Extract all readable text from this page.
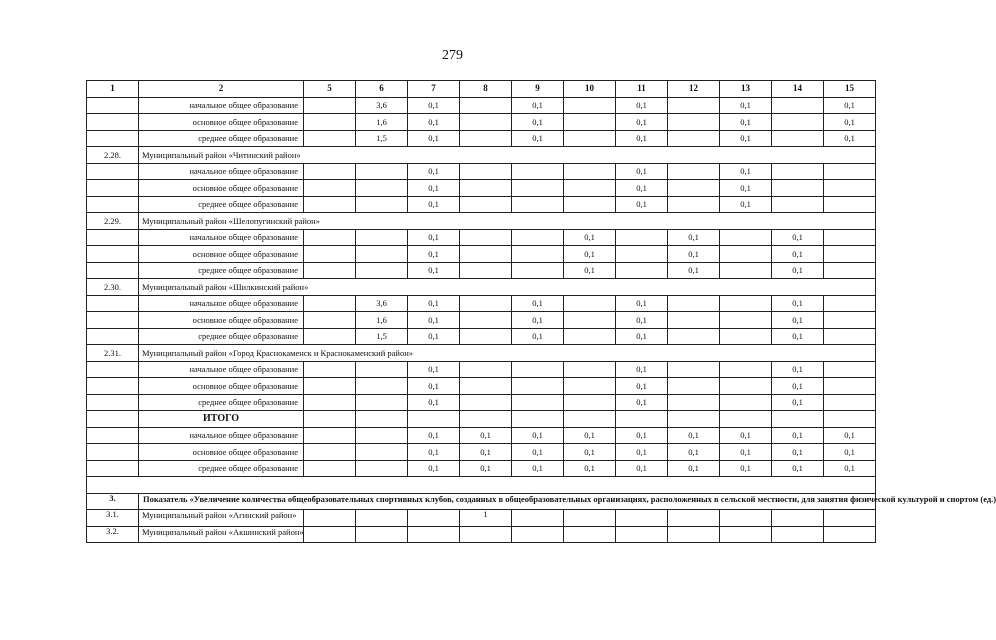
279
1	2	5	6	7	8	9	10	11	12	13	14	15
	начальное общее образование		3,6	0,1		0,1		0,1		0,1		0,1
	основное общее образование		1,6	0,1		0,1		0,1		0,1		0,1
	среднее общее образование		1,5	0,1		0,1		0,1		0,1		0,1
2.28.	Муниципальный район «Читинский район»											
	начальное общее образование			0,1				0,1		0,1		
	основное общее образование			0,1				0,1		0,1		
	среднее общее образование			0,1				0,1		0,1		
2.29.	Муниципальный район «Шелопугинский район»											
	начальное общее образование			0,1			0,1		0,1		0,1	
	основное общее образование			0,1			0,1		0,1		0,1	
	среднее общее образование			0,1			0,1		0,1		0,1	
2.30.	Муниципальный район «Шилкинский район»											
	начальное общее образование		3,6	0,1		0,1		0,1			0,1	
	основное общее образование		1,6	0,1		0,1		0,1			0,1	
	среднее общее образование		1,5	0,1		0,1		0,1			0,1	
2.31.	Муниципальный район «Город Краснокаменск и Краснокаменский район»											
	начальное общее образование			0,1				0,1			0,1	
	основное общее образование			0,1				0,1			0,1	
	среднее общее образование			0,1				0,1			0,1	
	ИТОГО											
	начальное общее образование			0,1	0,1	0,1	0,1	0,1	0,1	0,1	0,1	0,1
	основное общее образование			0,1	0,1	0,1	0,1	0,1	0,1	0,1	0,1	0,1
	среднее общее образование			0,1	0,1	0,1	0,1	0,1	0,1	0,1	0,1	0,1

3.	Показатель «Увеличение количества общеобразовательных спортивных клубов, созданных в общеобразовательных организациях, расположенных в сельской местности, для занятия физической культурой и спортом (ед.)											
3.1.	Муниципальный район «Агинский район»				1							
3.2.	Муниципальный район «Акшинский район»											
